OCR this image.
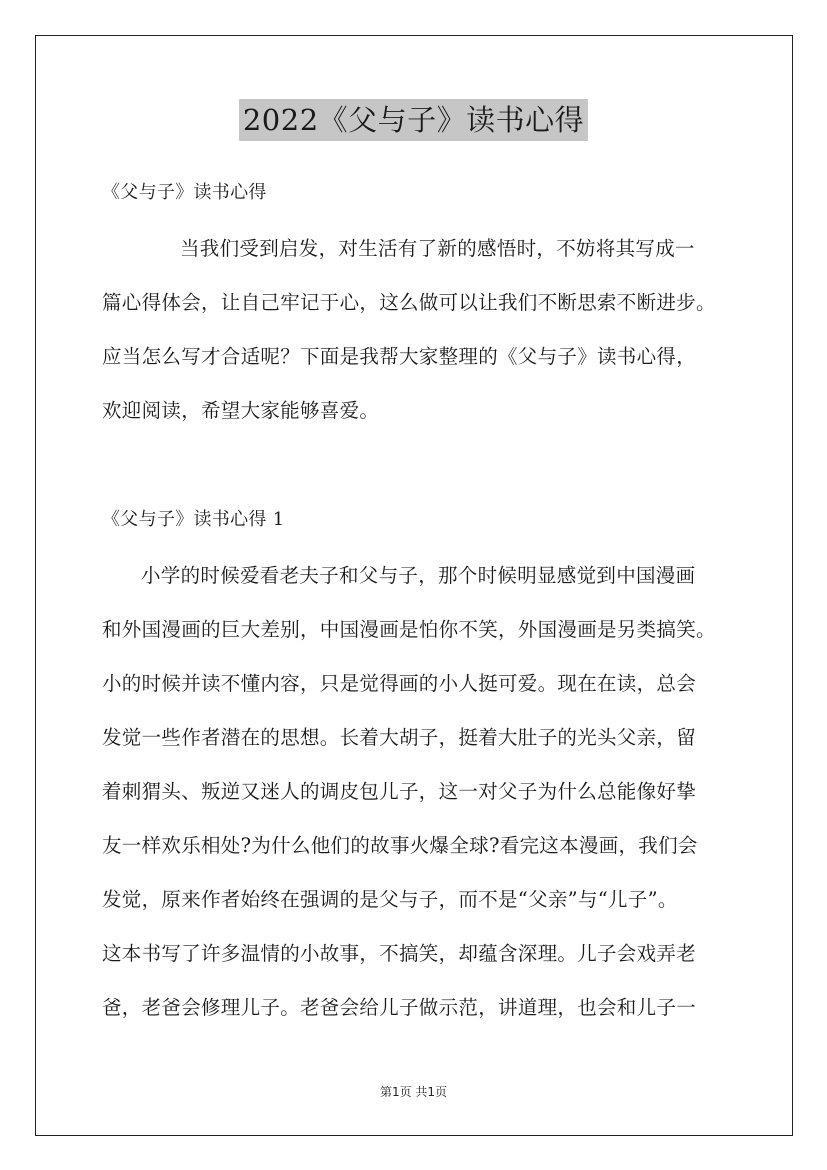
2022《父与子》读书心得
《父与子》读书心得
当我们受到启发，对生活有了新的感悟时，不妨将其写成一
篇心得体会，让自己牢记于心，这么做可以让我们不断思索不断进步。
应当怎么写才合适呢？下面是我帮大家整理的《父与子》读书心得，
欢迎阅读，希望大家能够喜爱。
《父与子》读书心得 1
小学的时候爱看老夫子和父与子，那个时候明显感觉到中国漫画
和外国漫画的巨大差别，中国漫画是怕你不笑，外国漫画是另类搞笑。
小的时候并读不懂内容，只是觉得画的小人挺可爱。现在在读，总会
发觉一些作者潜在的思想。长着大胡子，挺着大肚子的光头父亲，留
着刺猬头、叛逆又迷人的调皮包儿子，这一对父子为什么总能像好挚
友一样欢乐相处?为什么他们的故事火爆全球?看完这本漫画，我们会
发觉，原来作者始终在强调的是父与子，而不是“父亲”与“儿子”。
这本书写了许多温情的小故事，不搞笑，却蕴含深理。儿子会戏弄老
爸，老爸会修理儿子。老爸会给儿子做示范，讲道理，也会和儿子一
第1页 共1页
